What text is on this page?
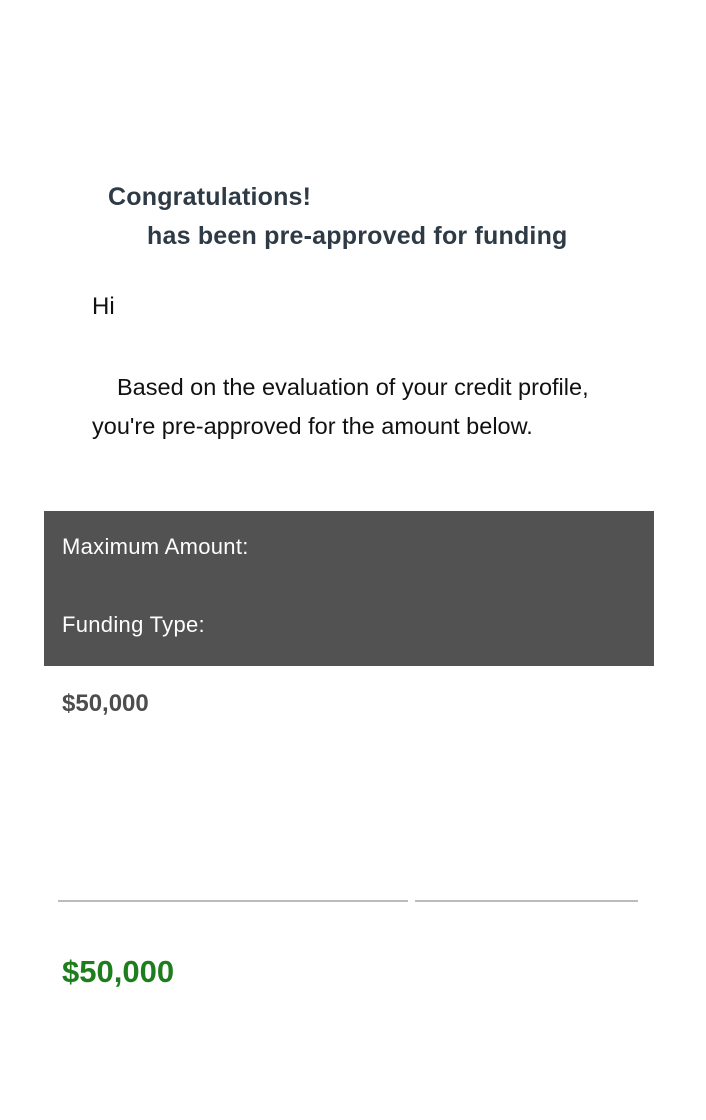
Congratulations!
has been pre-approved for funding

Hi

Based on the evaluation of your credit profile, you're pre-approved for the amount below.

Maximum Amount:
Funding Type:
$50,000
$50,000
